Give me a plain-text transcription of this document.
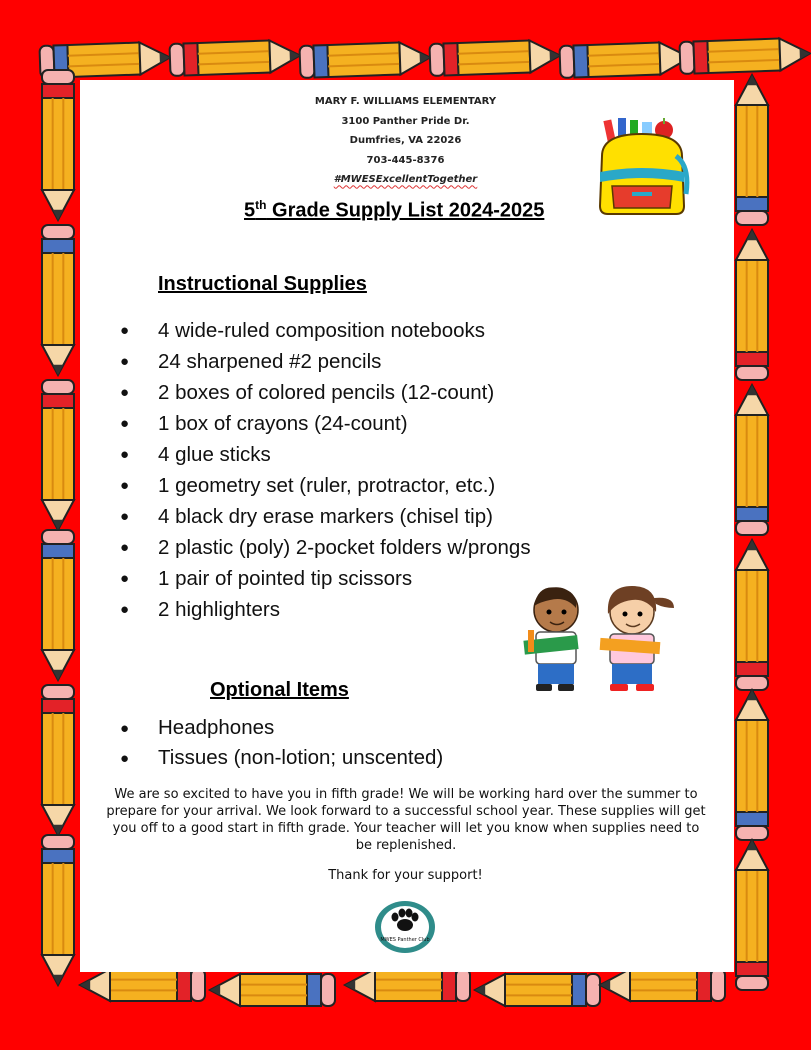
MARY F. WILLIAMS ELEMENTARY
3100 Panther Pride Dr.
Dumfries, VA 22026
703-445-8376
#MWESExcellentTogether
5th Grade Supply List 2024-2025
Instructional Supplies
● 4 wide-ruled composition notebooks
● 24 sharpened #2 pencils
● 2 boxes of colored pencils (12-count)
● 1 box of crayons (24-count)
● 4 glue sticks
● 1 geometry set (ruler, protractor, etc.)
● 4 black dry erase markers (chisel tip)
● 2 plastic (poly) 2-pocket folders w/prongs
● 1 pair of pointed tip scissors
● 2 highlighters
Optional Items
● Headphones
● Tissues (non-lotion; unscented)
We are so excited to have you in fifth grade! We will be working hard over the summer to prepare for your arrival. We look forward to a successful school year. These supplies will get you off to a good start in fifth grade. Your teacher will let you know when supplies need to be replenished.
Thank for your support!
MWES Panther Club
